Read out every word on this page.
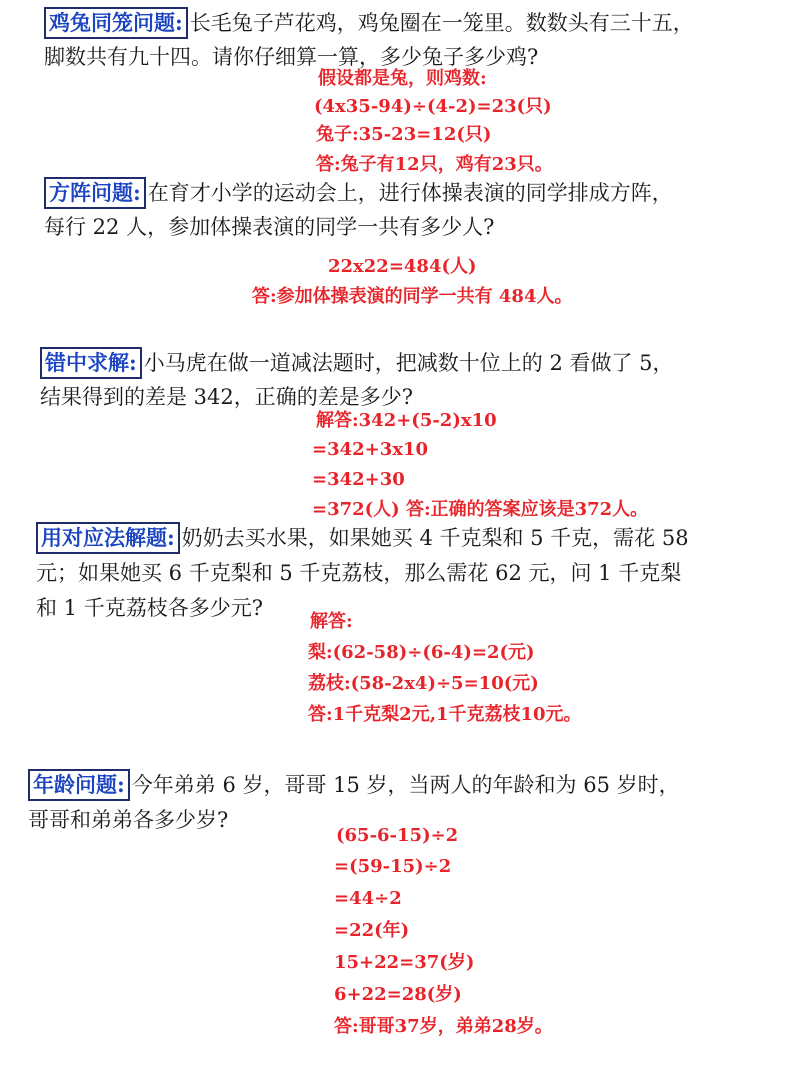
鸡兔同笼问题: 长毛兔子芦花鸡，鸡兔圈在一笼里。数数头有三十五，
脚数共有九十四。请你仔细算一算，多少兔子多少鸡?
假设都是兔，则鸡数:
(4x35-94)÷(4-2)=23(只)
兔子:35-23=12(只)
答:兔子有12只，鸡有23只。
方阵问题: 在育才小学的运动会上，进行体操表演的同学排成方阵，
每行 22 人，参加体操表演的同学一共有多少人?
22x22=484(人)
答:参加体操表演的同学一共有 484人。
错中求解: 小马虎在做一道减法题时，把减数十位上的 2 看做了 5，
结果得到的差是 342，正确的差是多少?
解答:342+(5-2)x10
=342+3x10
=342+30
=372(人) 答:正确的答案应该是372人。
用对应法解题: 奶奶去买水果，如果她买 4 千克梨和 5 千克，需花 58
元；如果她买 6 千克梨和 5 千克荔枝，那么需花 62 元，问 1 千克梨
和 1 千克荔枝各多少元?
解答:
梨:(62-58)÷(6-4)=2(元)
荔枝:(58-2x4)÷5=10(元)
答:1千克梨2元,1千克荔枝10元。
年龄问题: 今年弟弟 6 岁，哥哥 15 岁，当两人的年龄和为 65 岁时，
哥哥和弟弟各多少岁?
(65-6-15)÷2
=(59-15)÷2
=44÷2
=22(年)
15+22=37(岁)
6+22=28(岁)
答:哥哥37岁，弟弟28岁。
